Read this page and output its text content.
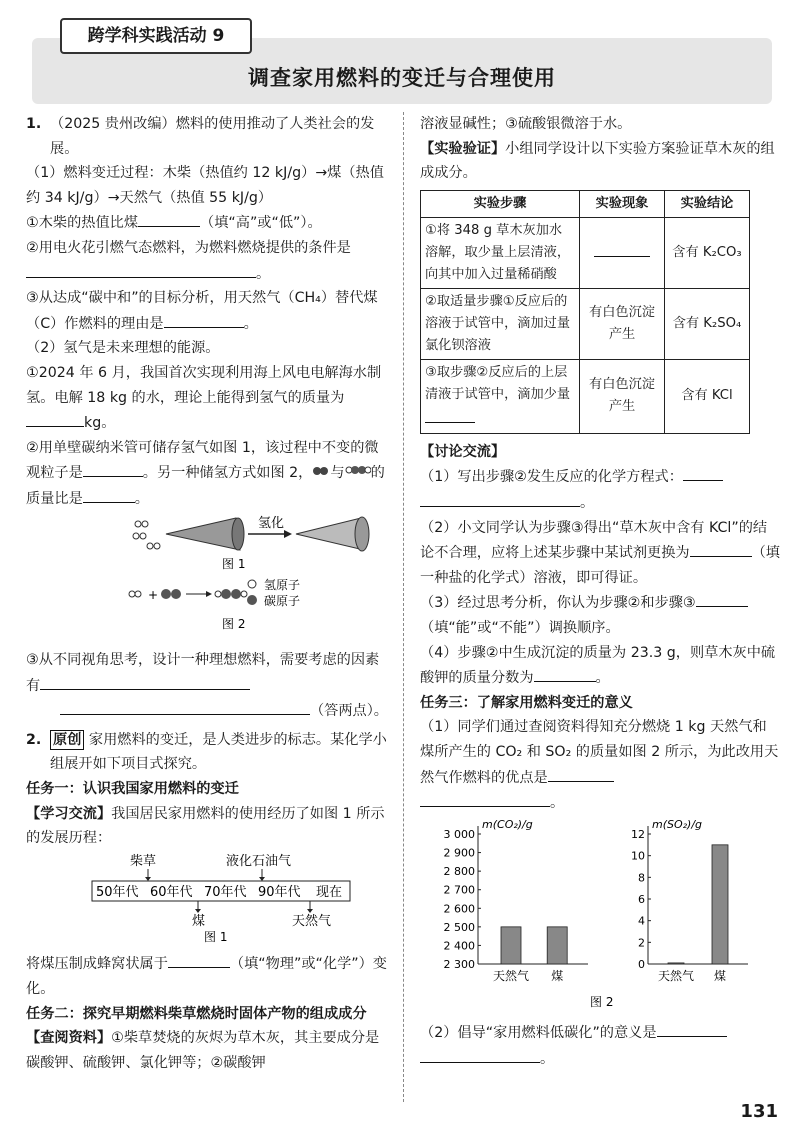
调查家用燃料的变迁与合理使用
跨学科实践活动 9

1. （2025 贵州改编）燃料的使用推动了人类社会的发展。

（1）燃料变迁过程：木柴（热值约 12 kJ/g）→煤（热值约 34 kJ/g）→天然气（热值 55 kJ/g）

①木柴的热值比煤	（填“高”或“低”）。

②用电火花引燃气态燃料，为燃料燃烧提供的条件是。

③从达成“碳中和”的目标分析，用天然气（CH₄）替代煤（C）作燃料的理由是	。

（2）氢气是未来理想的能源。

①2024 年 6 月，我国首次实现利用海上风电电解海水制氢。电解 18 kg 的水，理论上能得到氢气的质量为kg。

②用单壁碳纳米管可储存氢气如图 1，该过程中不变的微观粒子是	。另一种储氢方式如图 2， 与 的质量比是	。

氢化
图 1
+
氢原子
碳原子
图 2

③从不同视角思考，设计一种理想燃料，需要考虑的因素有

（答两点）。

2. 原创 家用燃料的变迁，是人类进步的标志。某化学小组展开如下项目式探究。

任务一：认识我国家用燃料的变迁

【学习交流】我国居民家用燃料的使用经历了如图 1 所示的发展历程：

柴草	液化石油气
50年代 60年代 70年代 90年代 现在
煤	天然气
图 1

将煤压制成蜂窝状属于	（填“物理”或“化学”）变化。

任务二：探究早期燃料柴草燃烧时固体产物的组成成分

【查阅资料】①柴草焚烧的灰烬为草木灰，其主要成分是碳酸钾、硫酸钾、氯化钾等；②碳酸钾

溶液显碱性；③硫酸银微溶于水。

【实验验证】小组同学设计以下实验方案验证草木灰的组成成分。

实验步骤	实验现象	实验结论
①将 348 g 草木灰加水溶解，取少量上层清液，向其中加入过量稀硝酸		含有 K₂CO₃
②取适量步骤①反应后的溶液于试管中，滴加过量氯化钡溶液	有白色沉淀产生	含有 K₂SO₄
③取步骤②反应后的上层清液于试管中，滴加少量	有白色沉淀产生	含有 KCl

【讨论交流】

（1）写出步骤②发生反应的化学方程式：

。

（2）小文同学认为步骤③得出“草木灰中含有 KCl”的结论不合理，应将上述某步骤中某试剂更换为	（填一种盐的化学式）溶液，即可得证。

（3）经过思考分析，你认为步骤②和步骤③（填“能”或“不能”）调换顺序。

（4）步骤②中生成沉淀的质量为 23.3 g，则草木灰中硫酸钾的质量分数为	。

任务三：了解家用燃料变迁的意义

（1）同学们通过查阅资料得知充分燃烧 1 kg 天然气和煤所产生的 CO₂ 和 SO₂ 的质量如图 2 所示，为此改用天然气作燃料的优点是

。

2 300
2 400
2 500
2 600
2 700
2 800
2 900
3 000
m(CO₂)/g
天然气 煤
0
2
4
6
8
10
12
m(SO₂)/g
天然气 煤
图 2

（2）倡导“家用燃料低碳化”的意义是

。

131
